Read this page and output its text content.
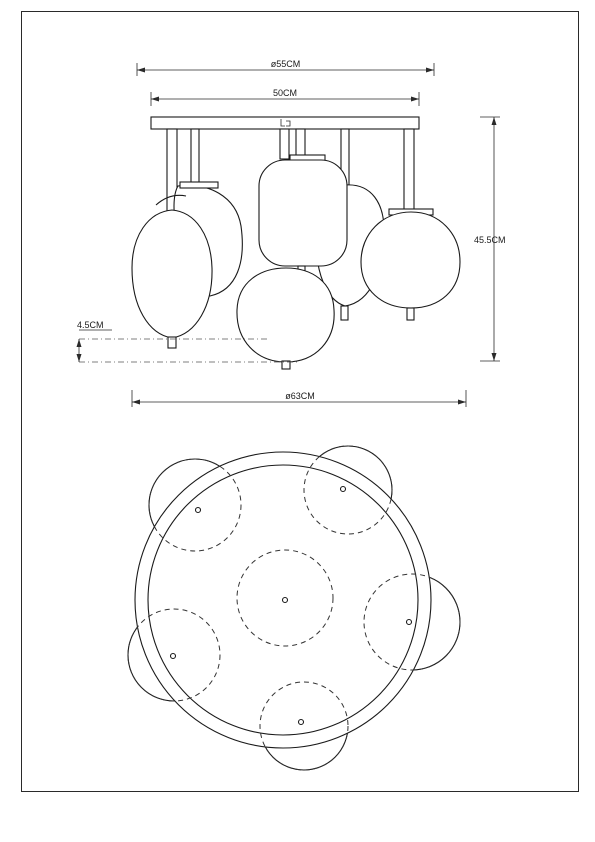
ø55CM
50CM
4.5CM
45.5CM
ø63CM
